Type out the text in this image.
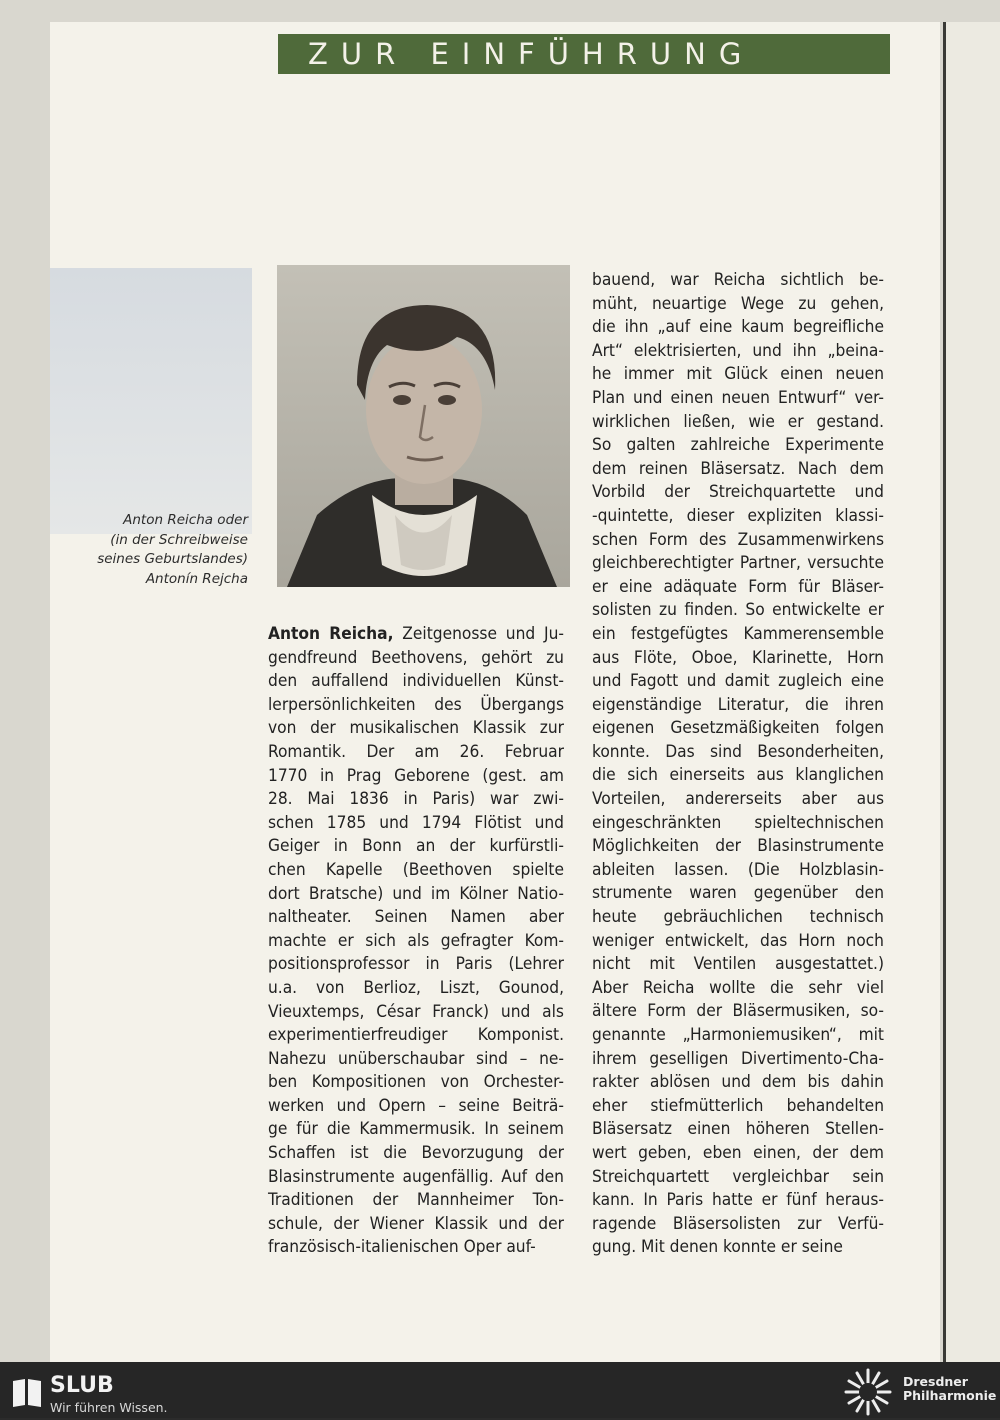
ZUR EINFÜHRUNG
Anton Reicha oder
(in der Schreibweise
seines Geburtslandes)
Antonín Rejcha
Anton Reicha, Zeitgenosse und Ju-
gendfreund Beethovens, gehört zu
den auffallend individuellen Künst-
lerpersönlichkeiten des Übergangs
von der musikalischen Klassik zur
Romantik. Der am 26. Februar
1770 in Prag Geborene (gest. am
28. Mai 1836 in Paris) war zwi-
schen 1785 und 1794 Flötist und
Geiger in Bonn an der kurfürstli-
chen Kapelle (Beethoven spielte
dort Bratsche) und im Kölner Natio-
naltheater. Seinen Namen aber
machte er sich als gefragter Kom-
positionsprofessor in Paris (Lehrer
u.a. von Berlioz, Liszt, Gounod,
Vieuxtemps, César Franck) und als
experimentierfreudiger Komponist.
Nahezu unüberschaubar sind – ne-
ben Kompositionen von Orchester-
werken und Opern – seine Beiträ-
ge für die Kammermusik. In seinem
Schaffen ist die Bevorzugung der
Blasinstrumente augenfällig. Auf den
Traditionen der Mannheimer Ton-
schule, der Wiener Klassik und der
französisch-italienischen Oper auf-
bauend, war Reicha sichtlich be-
müht, neuartige Wege zu gehen,
die ihn „auf eine kaum begreifliche
Art“ elektrisierten, und ihn „beina-
he immer mit Glück einen neuen
Plan und einen neuen Entwurf“ ver-
wirklichen ließen, wie er gestand.
So galten zahlreiche Experimente
dem reinen Bläsersatz. Nach dem
Vorbild der Streichquartette und
-quintette, dieser expliziten klassi-
schen Form des Zusammenwirkens
gleichberechtigter Partner, versuchte
er eine adäquate Form für Bläser-
solisten zu finden. So entwickelte er
ein festgefügtes Kammerensemble
aus Flöte, Oboe, Klarinette, Horn
und Fagott und damit zugleich eine
eigenständige Literatur, die ihren
eigenen Gesetzmäßigkeiten folgen
konnte. Das sind Besonderheiten,
die sich einerseits aus klanglichen
Vorteilen, andererseits aber aus
eingeschränkten spieltechnischen
Möglichkeiten der Blasinstrumente
ableiten lassen. (Die Holzblasin-
strumente waren gegenüber den
heute gebräuchlichen technisch
weniger entwickelt, das Horn noch
nicht mit Ventilen ausgestattet.)
Aber Reicha wollte die sehr viel
ältere Form der Bläsermusiken, so-
genannte „Harmoniemusiken“, mit
ihrem geselligen Divertimento-Cha-
rakter ablösen und dem bis dahin
eher stiefmütterlich behandelten
Bläsersatz einen höheren Stellen-
wert geben, eben einen, der dem
Streichquartett vergleichbar sein
kann. In Paris hatte er fünf heraus-
ragende Bläsersolisten zur Verfü-
gung. Mit denen konnte er seine
SLUB
Wir führen Wissen.
Dresdner
Philharmonie
